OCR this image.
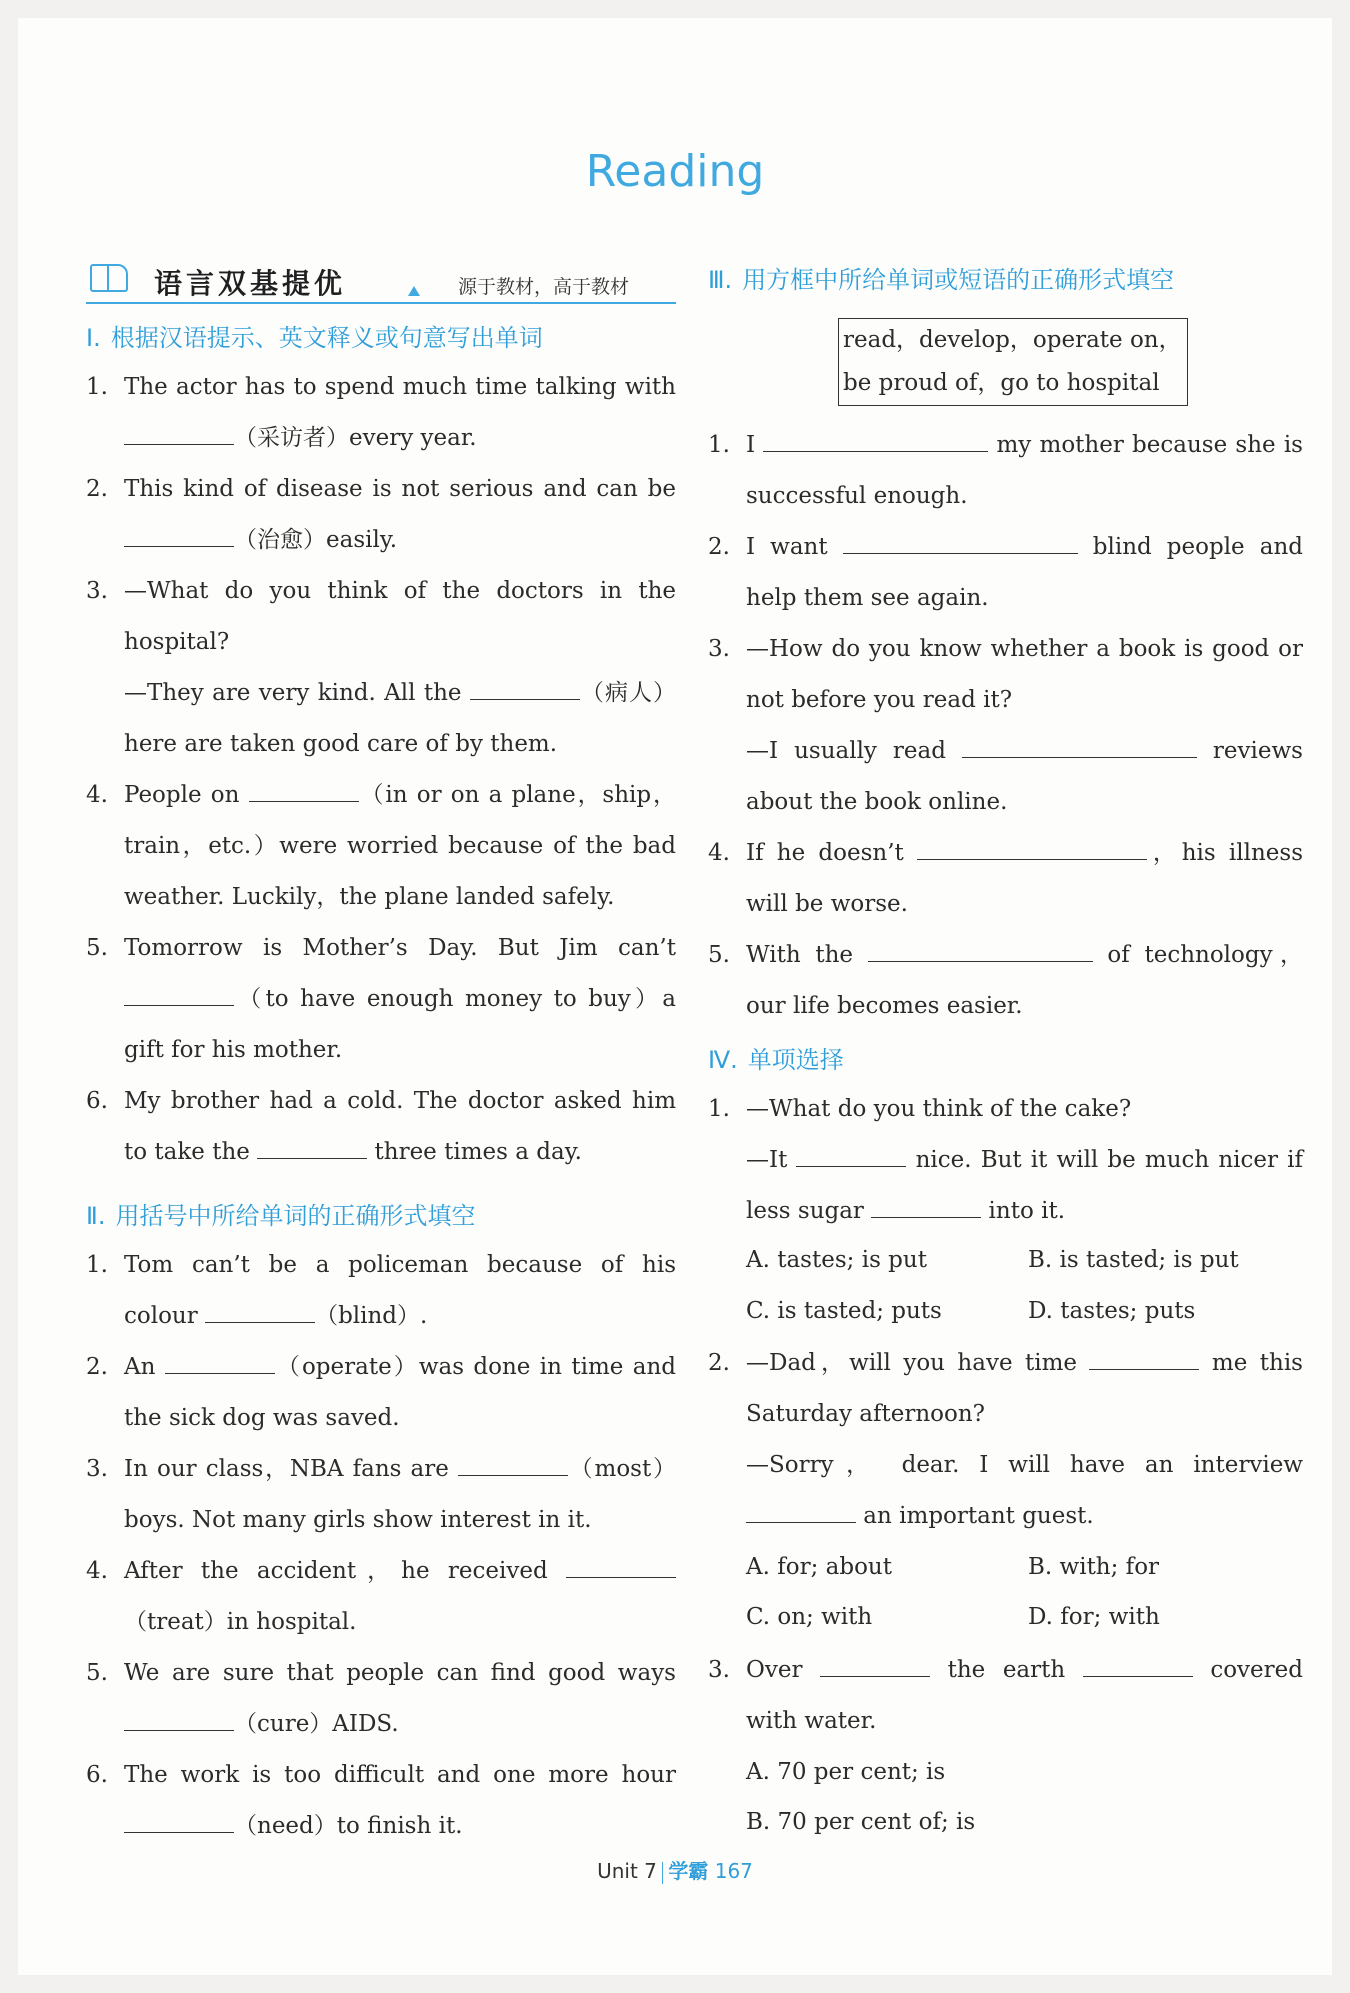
Reading
语言双基提优	源于教材，高于教材
Ⅰ. 根据汉语提示、英文释义或句意写出单词
1. The actor has to spend much time talking with （采访者）every year.
2. This kind of disease is not serious and can be （治愈）easily.
3. —What do you think of the doctors in the hospital?
—They are very kind. All the	（病人）here are taken good care of by them.
4. People on	（in or on a plane，ship，train，etc.）were worried because of the bad weather. Luckily，the plane landed safely.
5. Tomorrow is Mother’s Day. But Jim can’t （to have enough money to buy）a gift for his mother.
6. My brother had a cold. The doctor asked him to take the	three times a day.
Ⅱ. 用括号中所给单词的正确形式填空
1. Tom can’t be a policeman because of his colour	（blind）.
2. An	（operate）was done in time and the sick dog was saved.
3. In our class，NBA fans are	（most）boys. Not many girls show interest in it.
4. After the accident，he received （treat）in hospital.
5. We are sure that people can find good ways （cure）AIDS.
6. The work is too difficult and one more hour （need）to finish it.
Ⅲ. 用方框中所给单词或短语的正确形式填空
read，develop，operate on，
be proud of，go to hospital
1. I	my mother because she is successful enough.
2. I want	blind people and help them see again.
3. —How do you know whether a book is good or not before you read it?
—I usually read	reviews about the book online.
4. If he doesn’t	，his illness will be worse.
5. With the	of technology，our life becomes easier.
Ⅳ. 单项选择
1. —What do you think of the cake?
—It	nice. But it will be much nicer if less sugar	into it.
A. tastes; is put	B. is tasted; is put
C. is tasted; puts	D. tastes; puts
2. —Dad，will you have time	me this Saturday afternoon?
—Sorry， dear. I will have an interview  an important guest.
A. for; about	B. with; for
C. on; with	D. for; with
3. Over	the earth	covered with water.
A. 70 per cent; is
B. 70 per cent of; is
Unit 7 学霸 167
